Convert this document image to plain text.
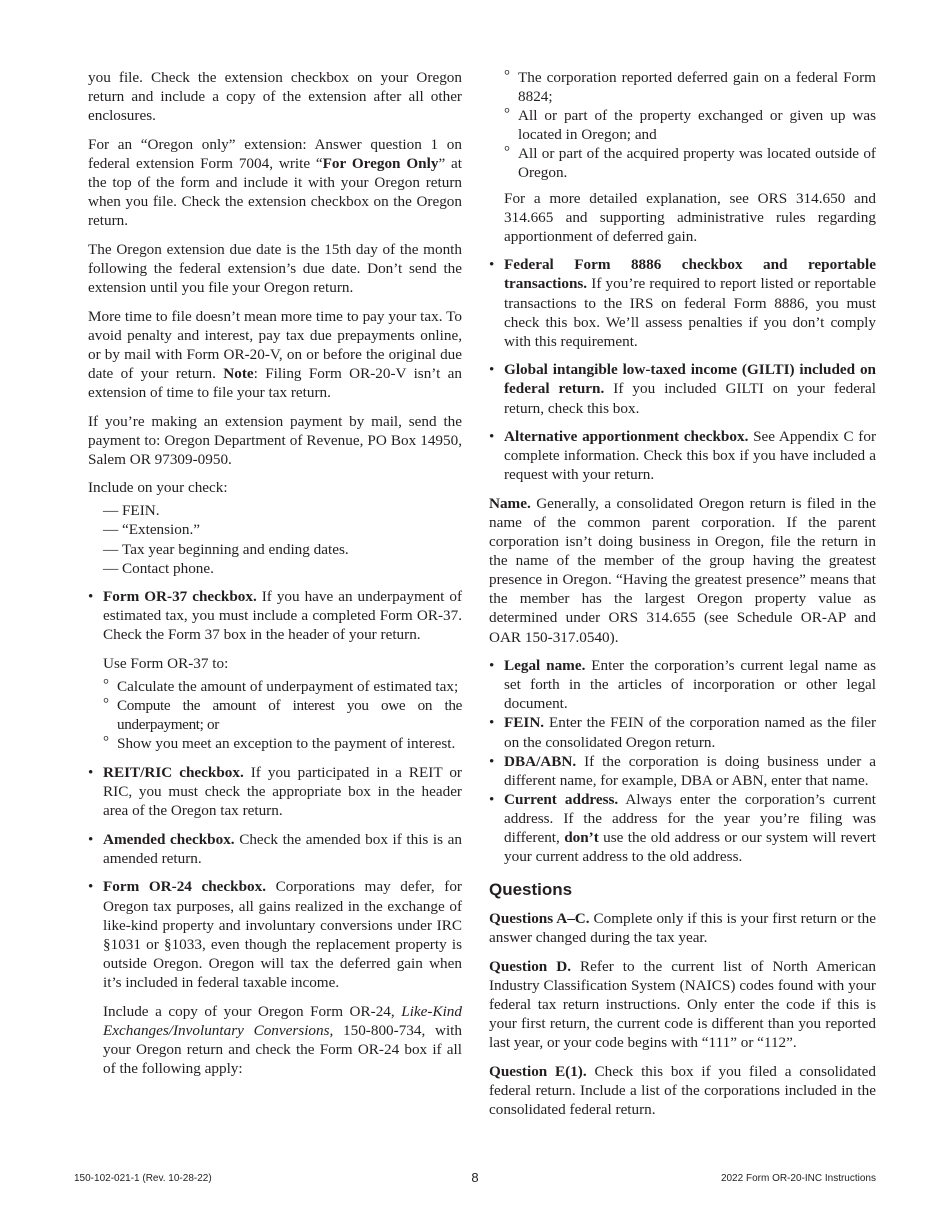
you file. Check the extension checkbox on your Oregon return and include a copy of the extension after all other enclosures.

For an “Oregon only” extension: Answer question 1 on federal extension Form 7004, write “For Oregon Only” at the top of the form and include it with your Oregon return when you file. Check the extension checkbox on the Oregon return.

The Oregon extension due date is the 15th day of the month following the federal extension’s due date. Don’t send the extension until you file your Oregon return.

More time to file doesn’t mean more time to pay your tax. To avoid penalty and interest, pay tax due prepayments online, or by mail with Form OR-20-V, on or before the original due date of your return. Note: Filing Form OR-20-V isn’t an extension of time to file your tax return.

If you’re making an extension payment by mail, send the payment to: Oregon Department of Revenue, PO Box 14950, Salem OR 97309-0950.

Include on your check:

— FEIN.
— “Extension.”
— Tax year beginning and ending dates.
— Contact phone.
• Form OR-37 checkbox. If you have an underpayment of estimated tax, you must include a completed Form OR-37. Check the Form 37 box in the header of your return.

Use Form OR-37 to:

° Calculate the amount of underpayment of estimated tax;
° Compute the amount of interest you owe on the underpayment; or
° Show you meet an exception to the payment of interest.
• REIT/RIC checkbox. If you participated in a REIT or RIC, you must check the appropriate box in the header area of the Oregon tax return.
• Amended checkbox. Check the amended box if this is an amended return.
• Form OR-24 checkbox. Corporations may defer, for Oregon tax purposes, all gains realized in the exchange of like-kind property and involuntary conversions under IRC §1031 or §1033, even though the replacement property is outside Oregon. Oregon will tax the deferred gain when it’s included in federal taxable income.

Include a copy of your Oregon Form OR-24, Like-Kind Exchanges/Involuntary Conversions, 150-800-734, with your Oregon return and check the Form OR-24 box if all of the following apply:

° The corporation reported deferred gain on a federal Form 8824;
° All or part of the property exchanged or given up was located in Oregon; and
° All or part of the acquired property was located outside of Oregon.

For a more detailed explanation, see ORS 314.650 and 314.665 and supporting administrative rules regarding apportionment of deferred gain.

• Federal Form 8886 checkbox and reportable transactions. If you’re required to report listed or reportable transactions to the IRS on federal Form 8886, you must check this box. We’ll assess penalties if you don’t comply with this requirement.
• Global intangible low-taxed income (GILTI) included on federal return. If you included GILTI on your federal return, check this box.
• Alternative apportionment checkbox. See Appendix C for complete information. Check this box if you have included a request with your return.

Name. Generally, a consolidated Oregon return is filed in the name of the common parent corporation. If the parent corporation isn’t doing business in Oregon, file the return in the name of the member of the group having the greatest presence in Oregon. “Having the greatest presence” means that the member has the largest Oregon property value as determined under ORS 314.655 (see Schedule OR-AP and OAR 150-317.0540).

• Legal name. Enter the corporation’s current legal name as set forth in the articles of incorporation or other legal document.
• FEIN. Enter the FEIN of the corporation named as the filer on the consolidated Oregon return.
• DBA/ABN. If the corporation is doing business under a different name, for example, DBA or ABN, enter that name.
• Current address. Always enter the corporation’s current address. If the address for the year you’re filing was different, don’t use the old address or our system will revert your current address to the old address.
Questions

Questions A–C. Complete only if this is your first return or the answer changed during the tax year.

Question D. Refer to the current list of North American Industry Classification System (NAICS) codes found with your federal tax return instructions. Only enter the code if this is your first return, the current code is different than you reported last year, or your code begins with “111” or “112”.

Question E(1). Check this box if you filed a consolidated federal return. Include a list of the corporations included in the consolidated federal return.

150-102-021-1 (Rev. 10-28-22)	8	2022 Form OR-20-INC Instructions
